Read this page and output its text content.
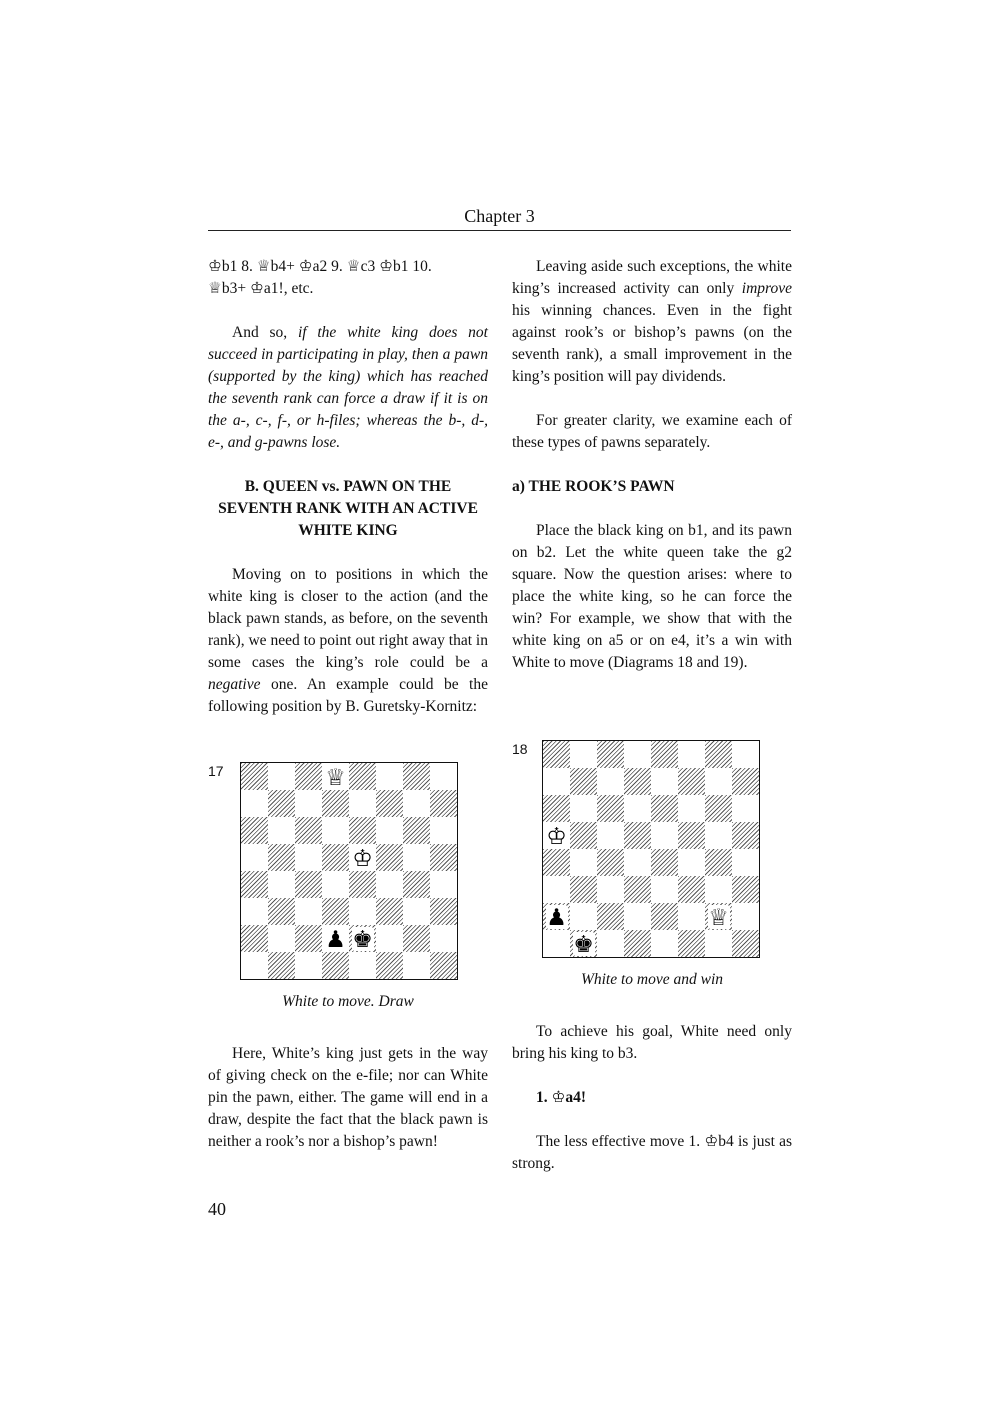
Chapter 3

♔b1 8. ♕b4+ ♔a2 9. ♕c3 ♔b1 10.
♕b3+ ♔a1!, etc.

And so, if the white king does not succeed in participating in play, then a pawn (supported by the king) which has reached the seventh rank can force a draw if it is on the a-, c-, f-, or h-files; whereas the b-, d-, e-, and g-pawns lose.

B. QUEEN vs. PAWN ON THE
SEVENTH RANK WITH AN ACTIVE
WHITE KING

Moving on to positions in which the white king is closer to the action (and the black pawn stands, as before, on the seventh rank), we need to point out right away that in some cases the king’s role could be a negative one. An example could be the following position by B. Guretsky-Kornitz:

17	♕
♔
♟ ♚
White to move. Draw

Here, White’s king just gets in the way of giving check on the e-file; nor can White pin the pawn, either. The game will end in a draw, despite the fact that the black pawn is neither a rook’s nor a bishop’s pawn!

Leaving aside such exceptions, the white king’s increased activity can only improve his winning chances. Even in the fight against rook’s or bishop’s pawns (on the seventh rank), a small improvement in the king’s position will pay dividends.

For greater clarity, we examine each of these types of pawns separately.

a) THE ROOK’S PAWN

Place the black king on b1, and its pawn on b2. Let the white queen take the g2 square. Now the question arises: where to place the white king, so he can force the win? For example, we show that with the white king on a5 or on e4, it’s a win with White to move (Diagrams 18 and 19).

18
♔
♟	♕
♚
White to move and win

To achieve his goal, White need only bring his king to b3.

1. ♔a4!

The less effective move 1. ♔b4 is just as strong.

40
